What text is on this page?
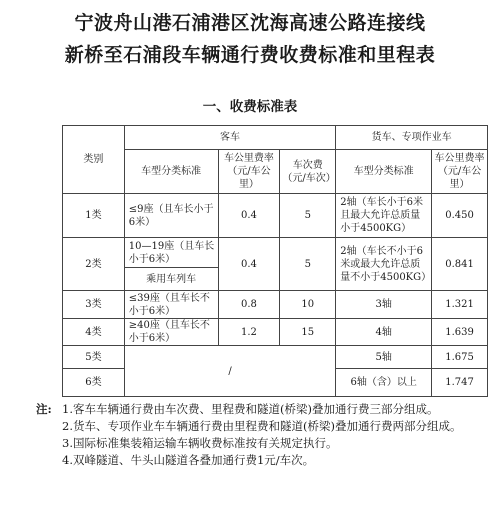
宁波舟山港石浦港区沈海高速公路连接线
新桥至石浦段车辆通行费收费标准和里程表
一、收费标准表
类别	客车			货车、专项作业车	
	车型分类标准	车公里费率（元/车公里）	车次费（元/车次）	车型分类标准	车公里费率（元/车公里）
1类	≤9座（且车长小于6米）	0.4	5	2轴（车长小于6米且最大允许总质量小于4500KG）	0.450
2类	10—19座（且车长小于6米）	0.4	5	2轴（车长不小于6米或最大允许总质量不小于4500KG）	0.841
	乘用车列车				
3类	≤39座（且车长不小于6米）	0.8	10	3轴	1.321
4类	≥40座（且车长不小于6米）	1.2	15	4轴	1.639
5类	/			5轴	1.675
6类				6轴（含）以上	1.747
注: 1.客车车辆通行费由车次费、里程费和隧道(桥梁)叠加通行费三部分组成。
2.货车、专项作业车车辆通行费由里程费和隧道(桥梁)叠加通行费两部分组成。
3.国际标准集装箱运输车辆收费标准按有关规定执行。
4.双峰隧道、牛头山隧道各叠加通行费1元/车次。
